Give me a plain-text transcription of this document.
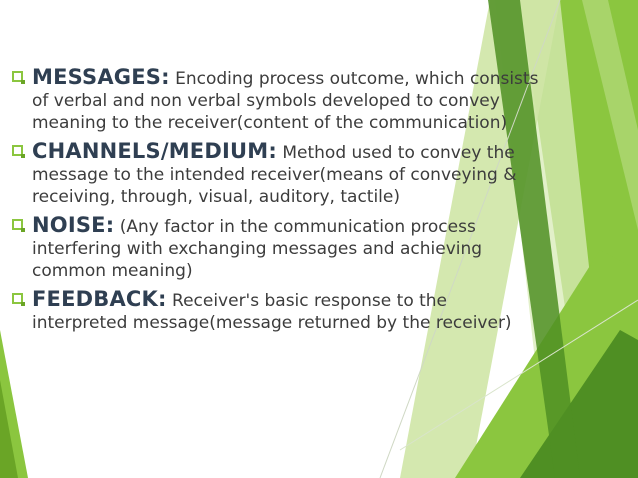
MESSAGES: Encoding process outcome, which consists
of verbal and non verbal symbols developed to convey
meaning to the receiver(content of the communication)
CHANNELS/MEDIUM: Method used to convey the
message to the intended receiver(means of conveying &
receiving, through, visual, auditory, tactile)
NOISE: (Any factor in the communication process
interfering with exchanging messages and achieving
common meaning)
FEEDBACK: Receiver's basic response to the
interpreted message(message returned by the receiver)
